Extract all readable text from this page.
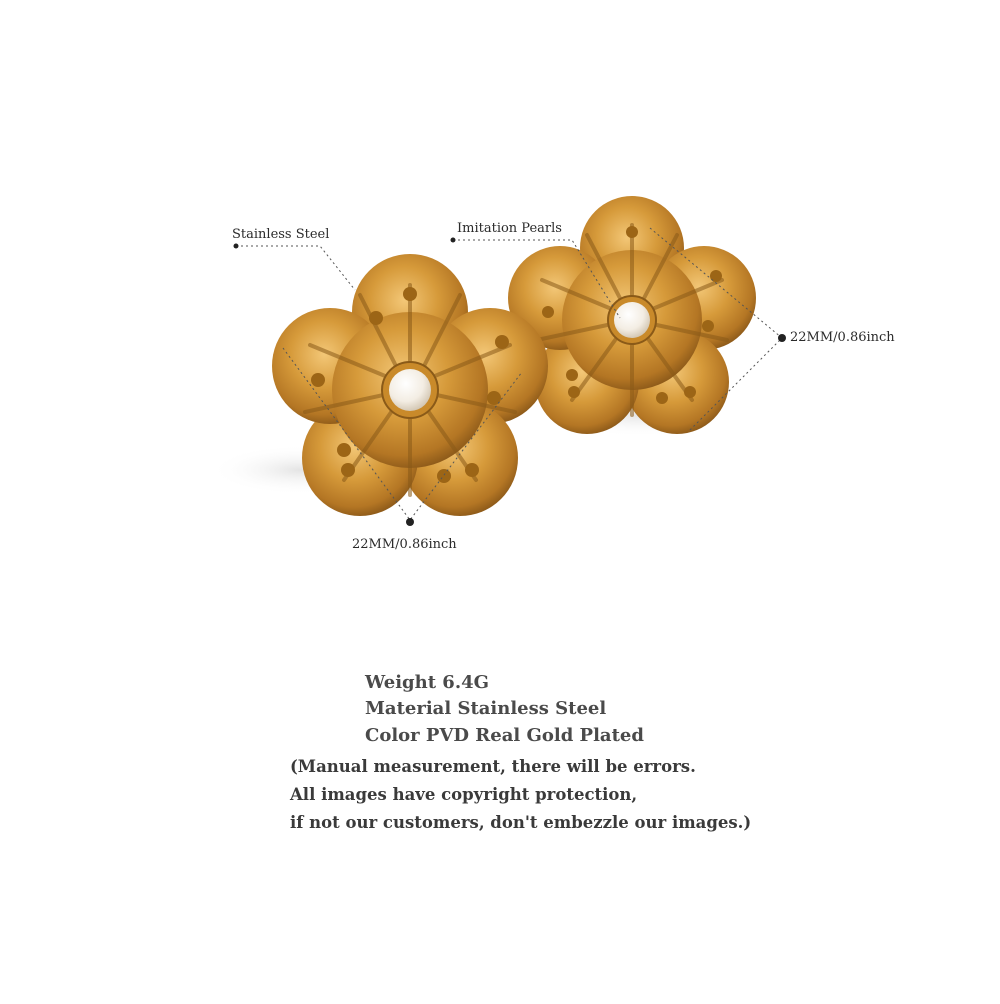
Stainless Steel	Imitation Pearls
22MM/0.86inch
22MM/0.86inch
Weight 6.4G
Material Stainless Steel
Color PVD Real Gold Plated
(Manual measurement, there will be errors.
All images have copyright protection,
if not our customers, don't embezzle our images.)
